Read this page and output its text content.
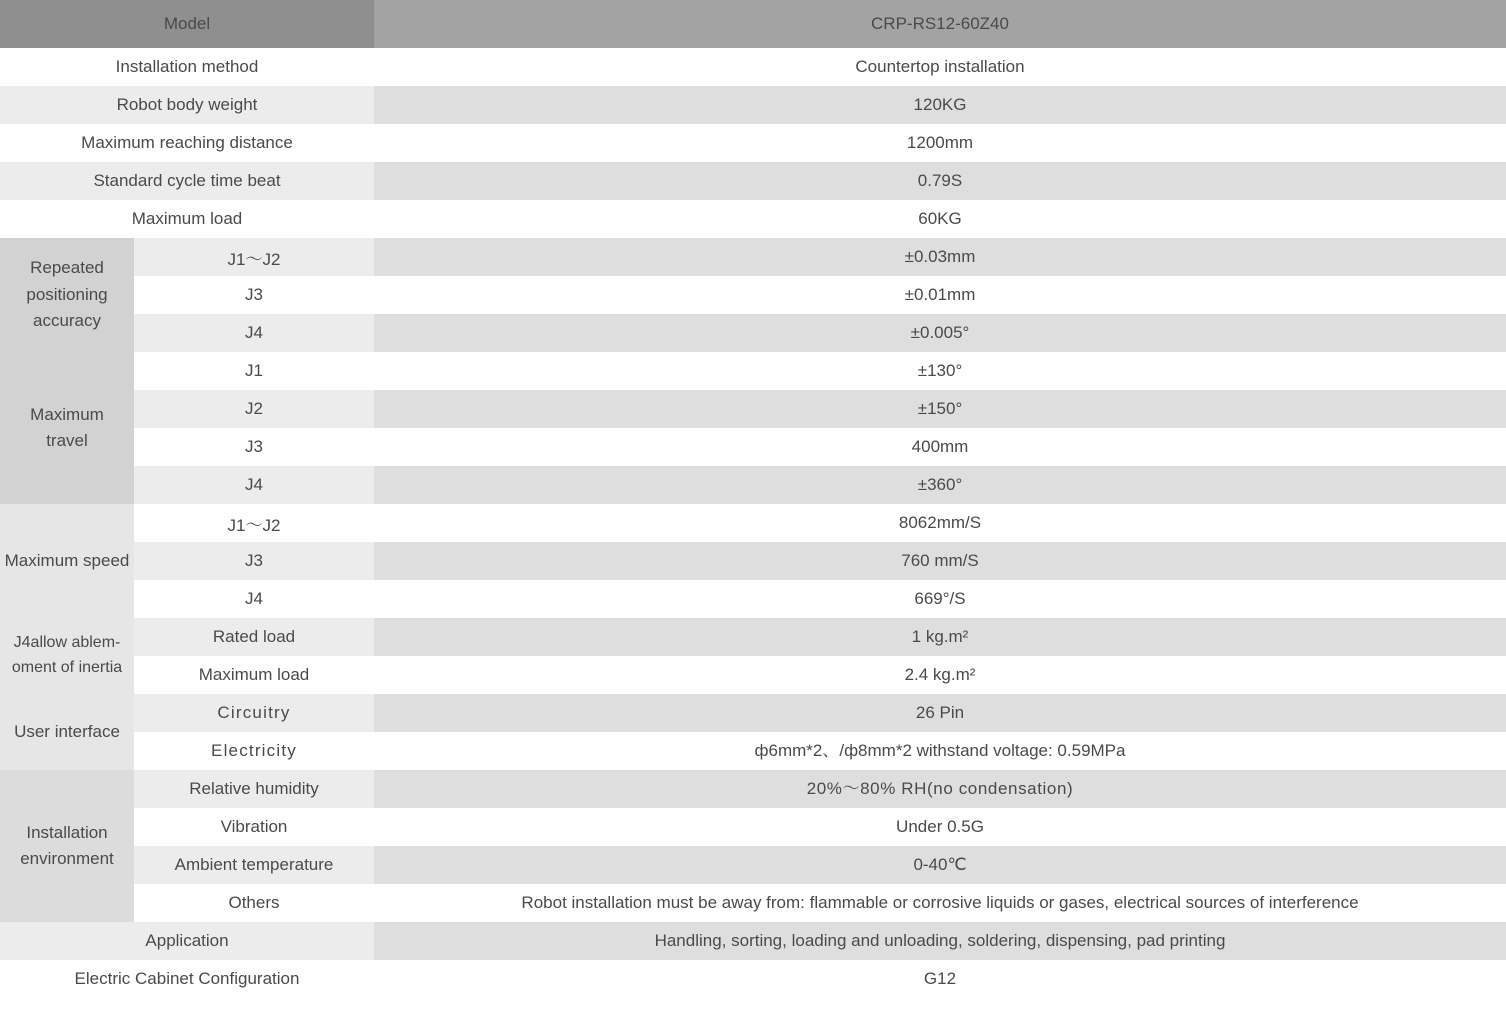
Model		CRP-RS12-60Z40
Installation method		Countertop installation
Robot body weight		120KG
Maximum reaching distance		1200mm
Standard cycle time beat		0.79S
Maximum load		60KG

Repeated
positioning
accuracy	J1～J2	±0.03mm
	J3	±0.01mm
	J4	±0.005°

Maximum
travel	J1	±130°
	J2	±150°
	J3	400mm
	J4	±360°

Maximum speed	J1～J2	8062mm/S
	J3	760 mm/S
	J4	669°/S

J4allow ablem-
oment of inertia	Rated load	1 kg.m²
	Maximum load	2.4 kg.m²

User interface	Circuitry	26 Pin
	Electricity	ф6mm*2、/ф8mm*2 withstand voltage: 0.59MPa

Installation
environment	Relative humidity	20%～80% RH(no condensation)
	Vibration	Under 0.5G
	Ambient temperature	0-40℃
	Others	Robot installation must be away from: flammable or corrosive liquids or gases, electrical sources of interference
Application		Handling, sorting, loading and unloading, soldering, dispensing, pad printing
Electric Cabinet Configuration		G12
